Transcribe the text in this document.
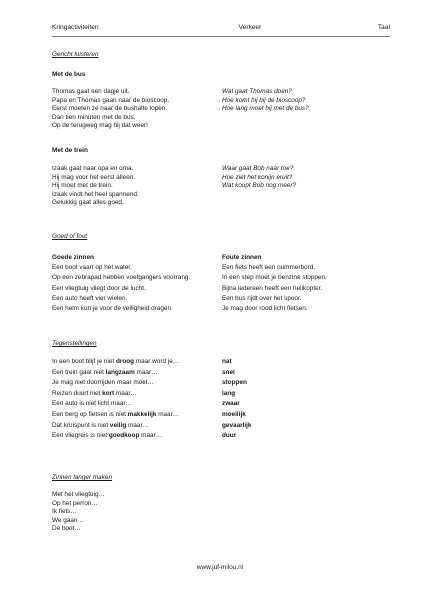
Kringactiviteiten	Verkeer	Taal
Gericht luisteren
Met de bus
Thomas gaat een dagje uit.
Papa en Thomas gaan naar de bioscoop.
Eerst moeten ze naar de bushalte lopen.
Dan tien minuten met de bus.
Op de terugweg mag hij dat weer!
Wat gaat Thomas doen?
Hoe komt hij bij de bioscoop?
Hoe lang moet hij met de bus?
Met de trein
Izaak gaat naar opa en oma.
Hij mag voor het eerst alleen.
Hij moet met de trein.
Izaak vindt het heel spannend.
Gelukkig gaat alles goed.
Waar gaat Bob naar toe?
Hoe ziet het konijn eruit?
Wat koopt Bob nog meer?
Goed of fout
Goede zinnen
Een boot vaart op het water.
Op een zebrapad hebben voetgangers voorrang.
Een vliegtuig vliegt door de lucht.
Een auto heeft vier wielen.
Een helm kun je voor de veiligheid dragen.
Foute zinnen
Een fiets heeft een nummerbord.
In een step moet je benzine stoppen.
Bijna iedereen heeft een helikopter.
Een bus rijdt over het spoor.
Je mag door rood licht fietsen.
Tegenstellingen
In een boot blijf je niet droog maar word je…
Een trein gaat niet langzaam maar…
Je mag niet doorrijden maar moet…
Reizen duurt niet kort maar…
Een auto is niet licht maar…
Een berg op fietsen is niet makkelijk maar…
Dat kruispunt is niet veilig maar…
Een vliegreis is niet goedkoop maar…
nat
snel
stoppen
lang
zwaar
moeilijk
gevaarlijk
duur
Zinnen langer maken
Met het vliegtuig…
Op het perron…
Ik fiets…
We gaan…
De boot…
www.juf-milou.nl
